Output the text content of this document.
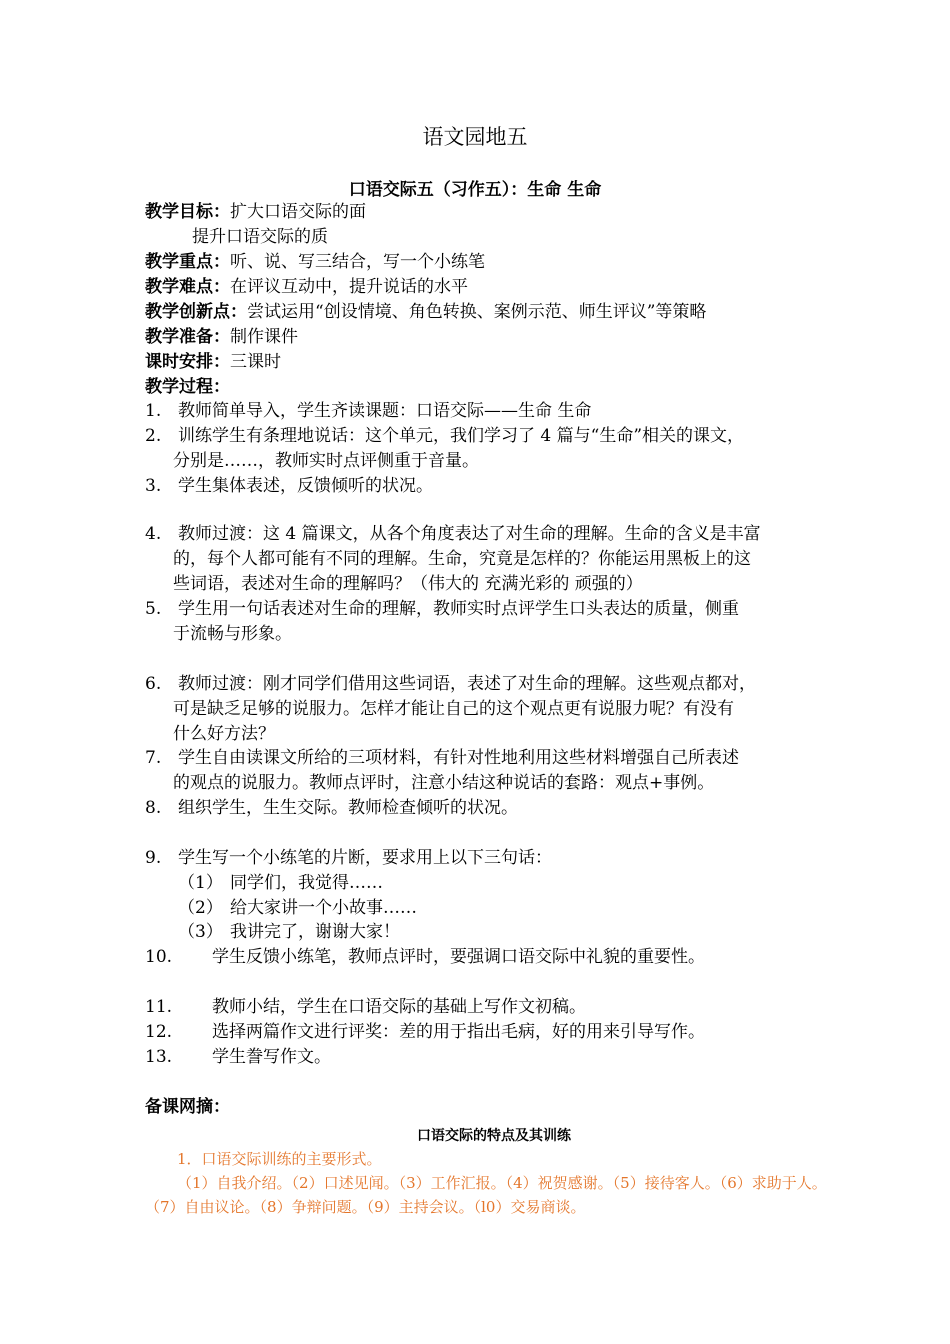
语文园地五
口语交际五（习作五）：生命 生命
教学目标：扩大口语交际的面
提升口语交际的质
教学重点：听、说、写三结合，写一个小练笔
教学难点：在评议互动中，提升说话的水平
教学创新点：尝试运用“创设情境、角色转换、案例示范、师生评议”等策略
教学准备：制作课件
课时安排：三课时
教学过程：
1. 教师简单导入，学生齐读课题：口语交际——生命 生命
2. 训练学生有条理地说话：这个单元，我们学习了 4 篇与“生命”相关的课文，
分别是……，教师实时点评侧重于音量。
3. 学生集体表述，反馈倾听的状况。
4. 教师过渡：这 4 篇课文，从各个角度表达了对生命的理解。生命的含义是丰富
的，每个人都可能有不同的理解。生命，究竟是怎样的？你能运用黑板上的这
些词语，表述对生命的理解吗？（伟大的 充满光彩的 顽强的）
5. 学生用一句话表述对生命的理解，教师实时点评学生口头表达的质量，侧重
于流畅与形象。
6. 教师过渡：刚才同学们借用这些词语，表述了对生命的理解。这些观点都对，
可是缺乏足够的说服力。怎样才能让自己的这个观点更有说服力呢？有没有
什么好方法？
7. 学生自由读课文所给的三项材料，有针对性地利用这些材料增强自己所表述
的观点的说服力。教师点评时，注意小结这种说话的套路：观点+事例。
8. 组织学生，生生交际。教师检查倾听的状况。
9. 学生写一个小练笔的片断，要求用上以下三句话：
（1） 同学们，我觉得……
（2） 给大家讲一个小故事……
（3） 我讲完了，谢谢大家！
10. 学生反馈小练笔，教师点评时，要强调口语交际中礼貌的重要性。
11. 教师小结，学生在口语交际的基础上写作文初稿。
12. 选择两篇作文进行评奖：差的用于指出毛病，好的用来引导写作。
13. 学生誊写作文。
备课网摘：
口语交际的特点及其训练
1．口语交际训练的主要形式。
（1）自我介绍。（2）口述见闻。（3）工作汇报。（4）祝贺感谢。（5）接待客人。（6）求助于人。
（7）自由议论。（8）争辩问题。（9）主持会议。（l0）交易商谈。
